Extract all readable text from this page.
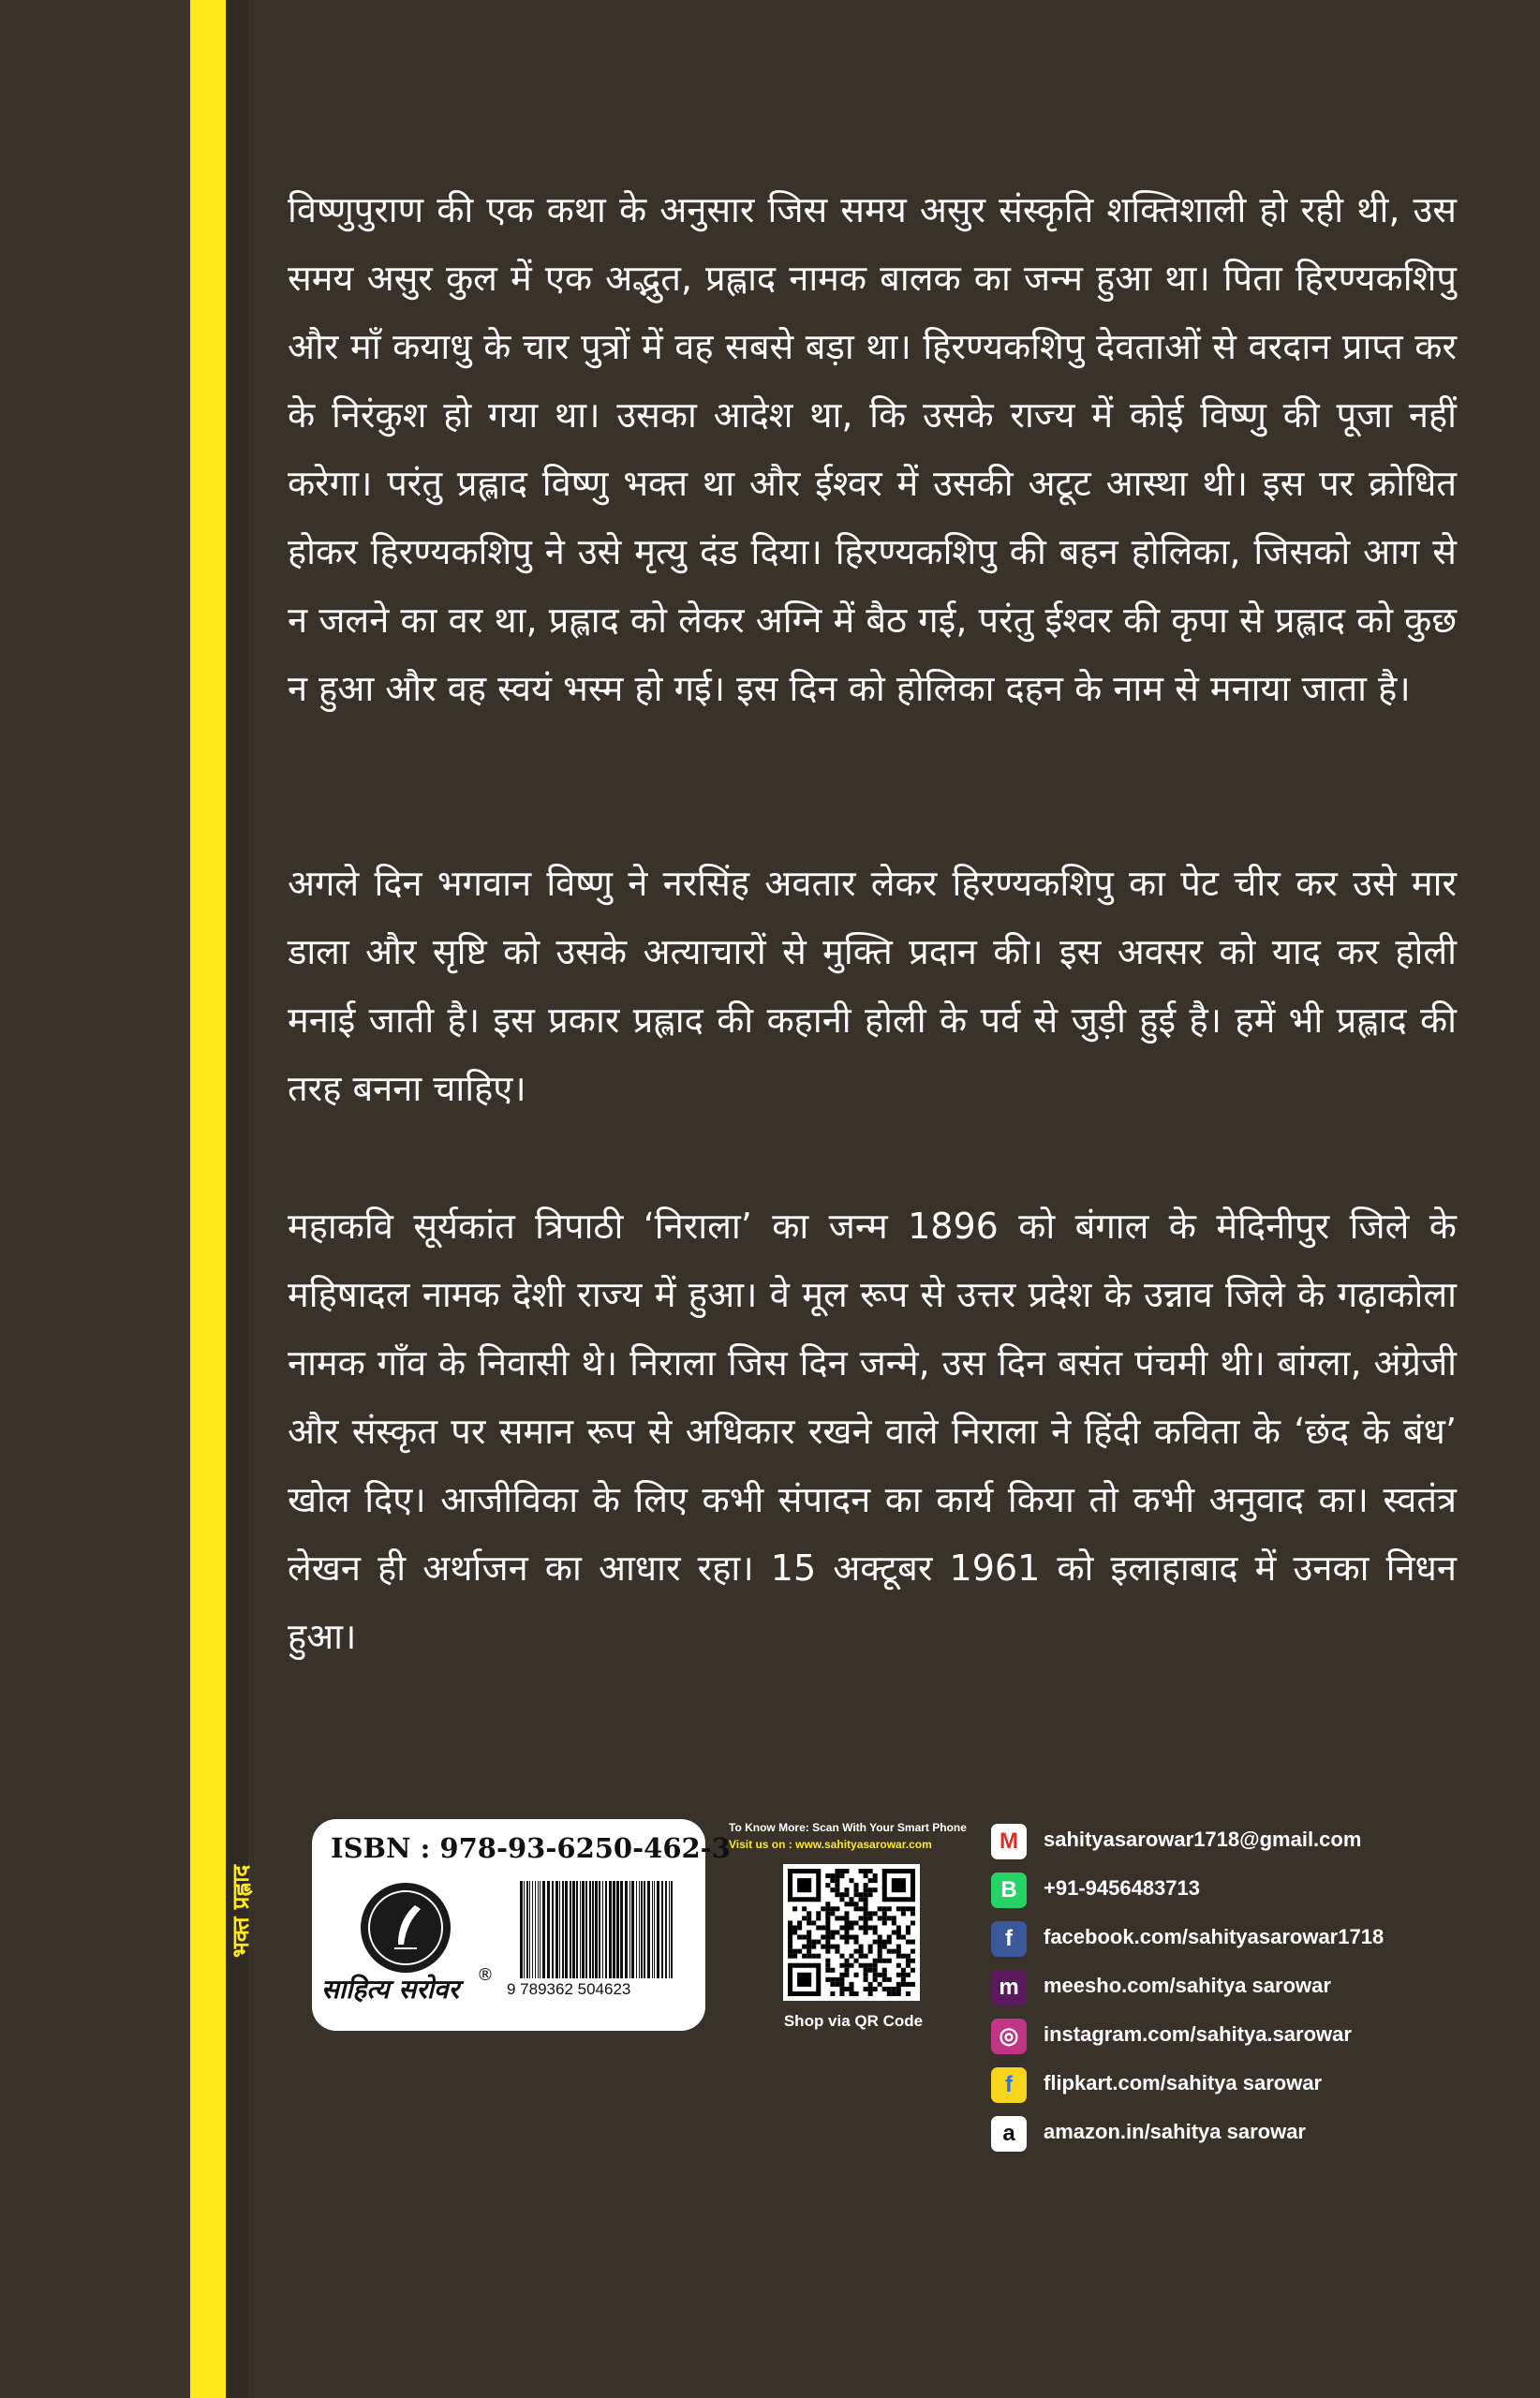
भक्त प्रह्लाद

विष्णुपुराण की एक कथा के अनुसार जिस समय असुर संस्कृति शक्तिशाली हो रही थी, उस समय असुर कुल में एक अद्भुत, प्रह्लाद नामक बालक का जन्म हुआ था। पिता हिरण्यकशिपु और माँ कयाधु के चार पुत्रों में वह सबसे बड़ा था। हिरण्यकशिपु देवताओं से वरदान प्राप्त कर के निरंकुश हो गया था। उसका आदेश था, कि उसके राज्य में कोई विष्णु की पूजा नहीं करेगा। परंतु प्रह्लाद विष्णु भक्त था और ईश्वर में उसकी अटूट आस्था थी। इस पर क्रोधित होकर हिरण्यकशिपु ने उसे मृत्यु दंड दिया। हिरण्यकशिपु की बहन होलिका, जिसको आग से न जलने का वर था, प्रह्लाद को लेकर अग्नि में बैठ गई, परंतु ईश्वर की कृपा से प्रह्लाद को कुछ न हुआ और वह स्वयं भस्म हो गई। इस दिन को होलिका दहन के नाम से मनाया जाता है।

अगले दिन भगवान विष्णु ने नरसिंह अवतार लेकर हिरण्यकशिपु का पेट चीर कर उसे मार डाला और सृष्टि को उसके अत्याचारों से मुक्ति प्रदान की। इस अवसर को याद कर होली मनाई जाती है। इस प्रकार प्रह्लाद की कहानी होली के पर्व से जुड़ी हुई है। हमें भी प्रह्लाद की तरह बनना चाहिए।

महाकवि सूर्यकांत त्रिपाठी ‘निराला’ का जन्म 1896 को बंगाल के मेदिनीपुर जिले के महिषादल नामक देशी राज्य में हुआ। वे मूल रूप से उत्तर प्रदेश के उन्नाव जिले के गढ़ाकोला नामक गाँव के निवासी थे। निराला जिस दिन जन्मे, उस दिन बसंत पंचमी थी। बांग्ला, अंग्रेजी और संस्कृत पर समान रूप से अधिकार रखने वाले निराला ने हिंदी कविता के ‘छंद के बंध’ खोल दिए। आजीविका के लिए कभी संपादन का कार्य किया तो कभी अनुवाद का। स्वतंत्र लेखन ही अर्थाजन का आधार रहा। 15 अक्टूबर 1961 को इलाहाबाद में उनका निधन हुआ।

ISBN : 978-93-6250-462-3
साहित्य सरोवर ®
9 789362 504623
To Know More: Scan With Your Smart Phone
Visit us on : www.sahityasarowar.com
Shop via QR Code
M	sahityasarowar1718@gmail.com
B	+91-9456483713
f	facebook.com/sahityasarowar1718
m	meesho.com/sahitya sarowar
◎	instagram.com/sahitya.sarowar
f	flipkart.com/sahitya sarowar
a	amazon.in/sahitya sarowar
